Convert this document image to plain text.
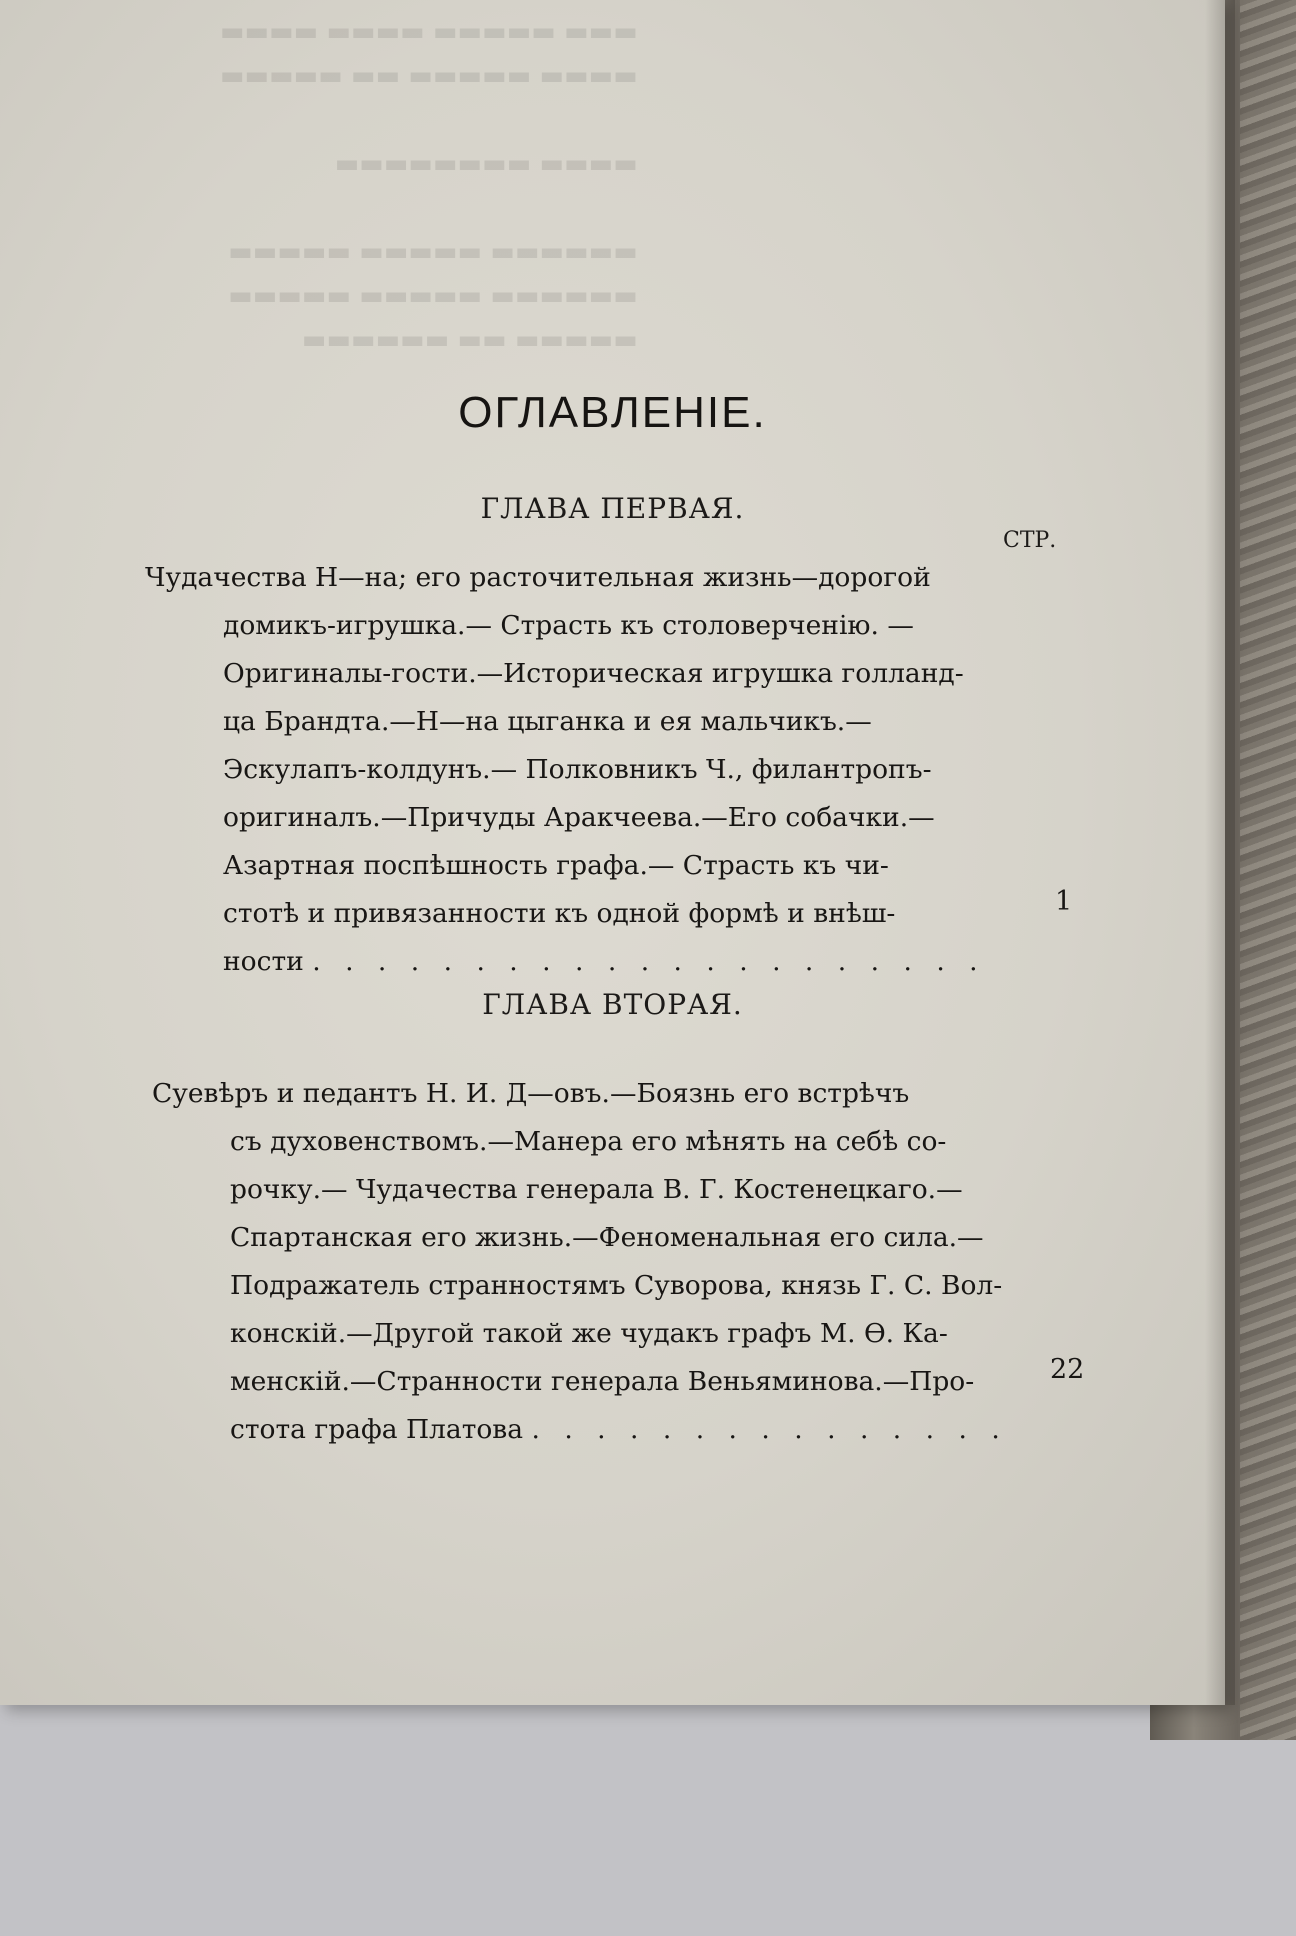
▬▬▬ ▬▬▬▬▬ ▬▬▬▬ ▬▬▬▬
▬▬▬▬ ▬▬▬▬▬ ▬▬ ▬▬▬▬▬

▬▬▬▬ ▬▬▬▬▬▬▬▬

▬▬▬▬▬▬ ▬▬▬▬▬ ▬▬▬▬▬
▬▬▬▬▬▬ ▬▬▬▬▬ ▬▬▬▬▬
▬▬▬▬▬ ▬▬ ▬▬▬▬▬▬
ОГЛАВЛЕНІЕ.
ГЛАВА ПЕРВАЯ.
СТР.
Чудачества Н—на; его расточительная жизнь—дорогой
домикъ-игрушка.— Страсть къ столоверченію. —
Оригиналы-гости.—Историческая игрушка голланд-
ца Брандта.—Н—на цыганка и ея мальчикъ.—
Эскулапъ-колдунъ.— Полковникъ Ч., филантропъ-
оригиналъ.—Причуды Аракчеева.—Его собачки.—
Азартная поспѣшность графа.— Страсть къ чи-
стотѣ и привязанности къ одной формѣ и внѣш-
ности . . . . . . . . . . . . . . . . . . . . .
1
ГЛАВА ВТОРАЯ.
Суевѣръ и педантъ Н. И. Д—овъ.—Боязнь его встрѣчъ
съ духовенствомъ.—Манера его мѣнять на себѣ со-
рочку.— Чудачества генерала В. Г. Костенецкаго.—
Спартанская его жизнь.—Феноменальная его сила.—
Подражатель странностямъ Суворова, князь Г. С. Вол-
конскій.—Другой такой же чудакъ графъ М. Ѳ. Ка-
менскій.—Странности генерала Веньяминова.—Про-
стота графа Платова . . . . . . . . . . . . . . .
22
